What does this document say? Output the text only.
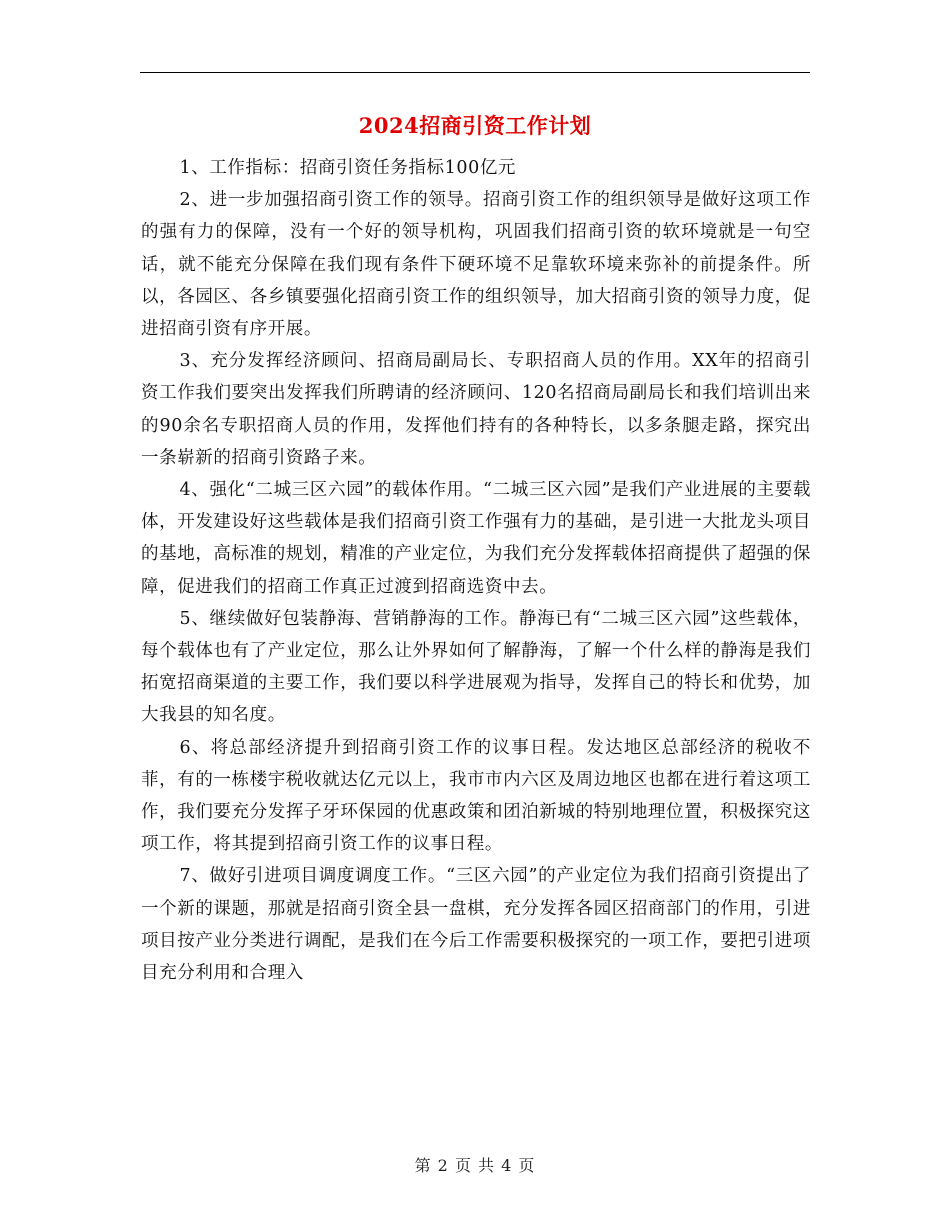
2024招商引资工作计划

1、工作指标：招商引资任务指标100亿元

2、进一步加强招商引资工作的领导。招商引资工作的组织领导是做好这项工作的强有力的保障，没有一个好的领导机构，巩固我们招商引资的软环境就是一句空话，就不能充分保障在我们现有条件下硬环境不足靠软环境来弥补的前提条件。所以，各园区、各乡镇要强化招商引资工作的组织领导，加大招商引资的领导力度，促进招商引资有序开展。

3、充分发挥经济顾问、招商局副局长、专职招商人员的作用。XX年的招商引资工作我们要突出发挥我们所聘请的经济顾问、120名招商局副局长和我们培训出来的90余名专职招商人员的作用，发挥他们持有的各种特长，以多条腿走路，探究出一条崭新的招商引资路子来。

4、强化“二城三区六园”的载体作用。“二城三区六园”是我们产业进展的主要载体，开发建设好这些载体是我们招商引资工作强有力的基础，是引进一大批龙头项目的基地，高标准的规划，精准的产业定位，为我们充分发挥载体招商提供了超强的保障，促进我们的招商工作真正过渡到招商选资中去。

5、继续做好包装静海、营销静海的工作。静海已有“二城三区六园”这些载体，每个载体也有了产业定位，那么让外界如何了解静海，了解一个什么样的静海是我们拓宽招商渠道的主要工作，我们要以科学进展观为指导，发挥自己的特长和优势，加大我县的知名度。

6、将总部经济提升到招商引资工作的议事日程。发达地区总部经济的税收不菲，有的一栋楼宇税收就达亿元以上，我市市内六区及周边地区也都在进行着这项工作，我们要充分发挥子牙环保园的优惠政策和团泊新城的特别地理位置，积极探究这项工作，将其提到招商引资工作的议事日程。

7、做好引进项目调度调度工作。“三区六园”的产业定位为我们招商引资提出了一个新的课题，那就是招商引资全县一盘棋，充分发挥各园区招商部门的作用，引进项目按产业分类进行调配，是我们在今后工作需要积极探究的一项工作，要把引进项目充分利用和合理入

第 2 页 共 4 页
